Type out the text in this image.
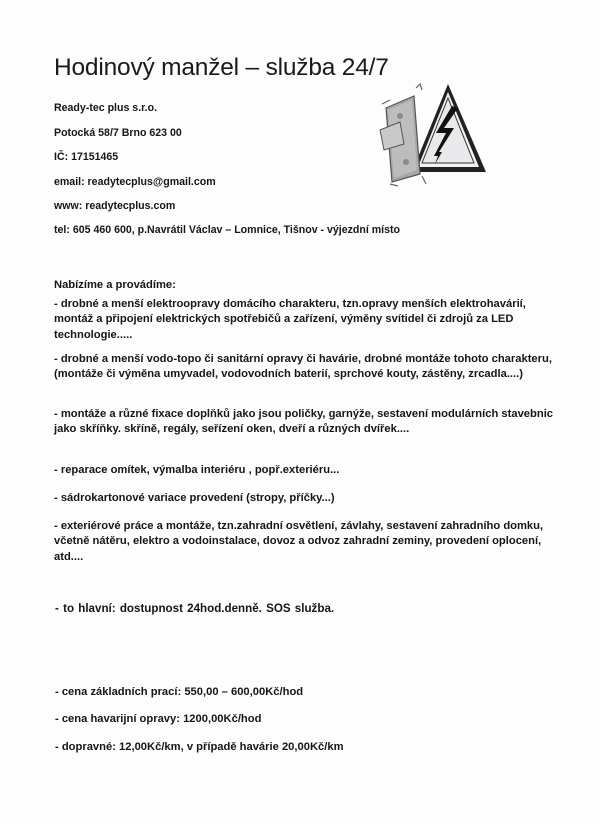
Hodinový manžel – služba 24/7
Ready-tec plus s.r.o.
Potocká 58/7 Brno 623 00
IČ: 17151465
email: readytecplus@gmail.com
www: readytecplus.com
tel: 605 460 600, p.Navrátil Václav – Lomnice, Tišnov - výjezdní místo
Nabízíme a provádíme:
- drobné a menší elektroopravy domácího charakteru, tzn.opravy menších elektrohavárií, montáž a připojení elektrických spotřebičů a zařízení, výměny svítidel či zdrojů za LED technologie.....
- drobné a menší vodo-topo či sanitární opravy či havárie, drobné montáže tohoto charakteru, (montáže či výměna umyvadel, vodovodních baterií, sprchové kouty, zástěny, zrcadla....)
- montáže a různé fixace doplňků jako jsou poličky, garnýže, sestavení modulárních stavebnic jako skříňky. skříně, regály, seřízení oken, dveří a různých dvířek....
- reparace omítek, výmalba interiéru , popř.exteriéru...
- sádrokartonové variace provedení (stropy, příčky...)
- exteriérové práce a montáže, tzn.zahradní osvětlení, závlahy, sestavení zahradního domku, včetně nátěru, elektro a vodoinstalace, dovoz a odvoz zahradní zeminy, provedení oplocení, atd....
- to hlavní: dostupnost 24hod.denně. SOS služba.
- cena základních prací: 550,00 – 600,00Kč/hod
- cena havarijní opravy: 1200,00Kč/hod
- dopravné: 12,00Kč/km, v případě havárie 20,00Kč/km
